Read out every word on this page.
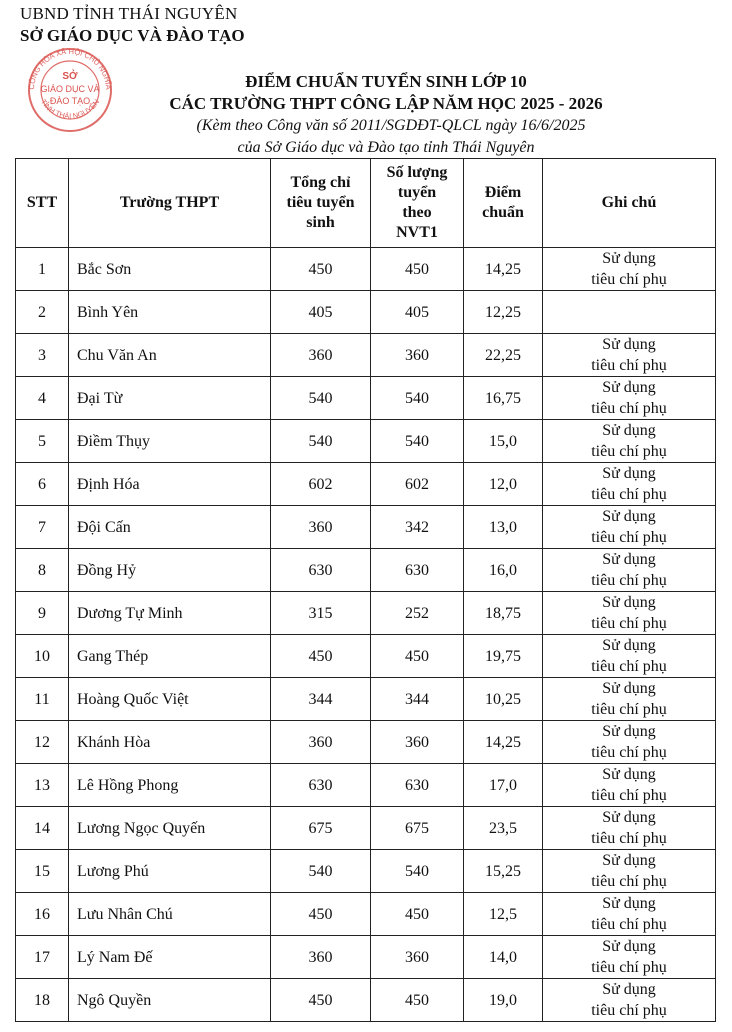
UBND TỈNH THÁI NGUYÊN
SỞ GIÁO DỤC VÀ ĐÀO TẠO
CÔNG HÒA XÃ HỘI CHỦ NGHĨA
TỈNH THÁI NGUYÊN
SỞ
GIÁO DỤC VÀ
ĐÀO TẠO
ĐIỂM CHUẨN TUYỂN SINH LỚP 10
CÁC TRƯỜNG THPT CÔNG LẬP NĂM HỌC 2025 - 2026
(Kèm theo Công văn số 2011/SGDĐT-QLCL ngày 16/6/2025
của Sở Giáo dục và Đào tạo tỉnh Thái Nguyên
STT	Trường THPT	Tổng chỉ
tiêu tuyển
sinh	Số lượng
tuyển
theo
NVT1	Điểm
chuẩn	Ghi chú
1	Bắc Sơn	450	450	14,25	Sử dụng
tiêu chí phụ

2	Bình Yên	405	405	12,25	

3	Chu Văn An	360	360	22,25	Sử dụng
tiêu chí phụ

4	Đại Từ	540	540	16,75	Sử dụng
tiêu chí phụ

5	Điềm Thụy	540	540	15,0	Sử dụng
tiêu chí phụ

6	Định Hóa	602	602	12,0	Sử dụng
tiêu chí phụ

7	Đội Cấn	360	342	13,0	Sử dụng
tiêu chí phụ

8	Đồng Hỷ	630	630	16,0	Sử dụng
tiêu chí phụ

9	Dương Tự Minh	315	252	18,75	Sử dụng
tiêu chí phụ

10	Gang Thép	450	450	19,75	Sử dụng
tiêu chí phụ

11	Hoàng Quốc Việt	344	344	10,25	Sử dụng
tiêu chí phụ

12	Khánh Hòa	360	360	14,25	Sử dụng
tiêu chí phụ

13	Lê Hồng Phong	630	630	17,0	Sử dụng
tiêu chí phụ

14	Lương Ngọc Quyến	675	675	23,5	Sử dụng
tiêu chí phụ

15	Lương Phú	540	540	15,25	Sử dụng
tiêu chí phụ

16	Lưu Nhân Chú	450	450	12,5	Sử dụng
tiêu chí phụ

17	Lý Nam Đế	360	360	14,0	Sử dụng
tiêu chí phụ

18	Ngô Quyền	450	450	19,0	Sử dụng
tiêu chí phụ
